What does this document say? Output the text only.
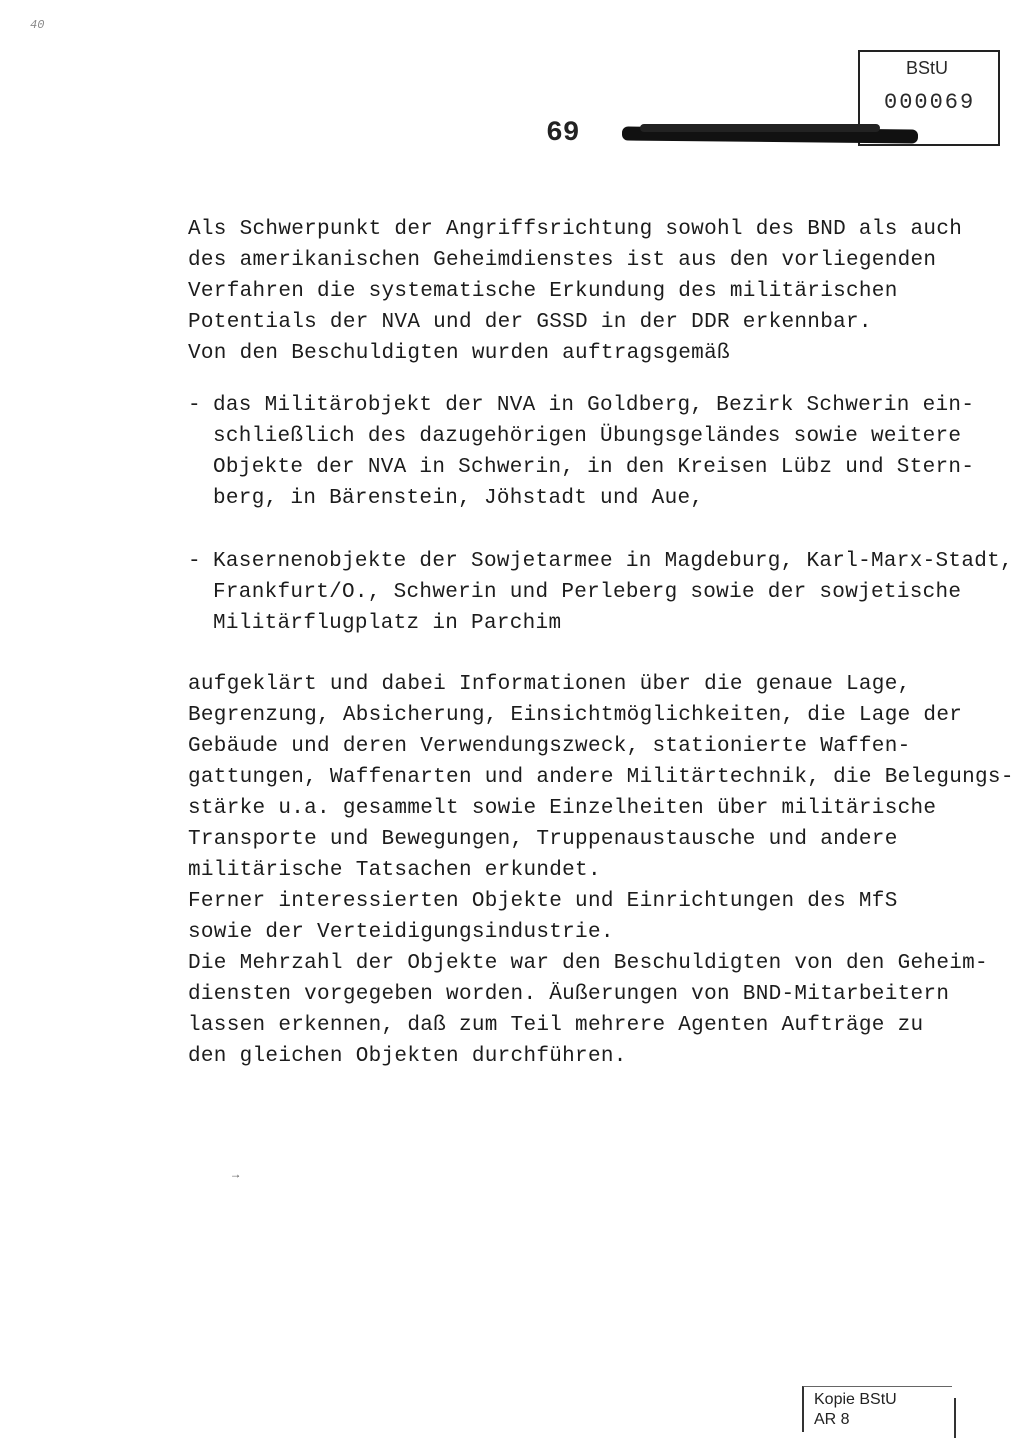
40
BStU
000069
69
Als Schwerpunkt der Angriffsrichtung sowohl des BND als auch
des amerikanischen Geheimdienstes ist aus den vorliegenden
Verfahren die systematische Erkundung des militärischen
Potentials der NVA und der GSSD in der DDR erkennbar.
Von den Beschuldigten wurden auftragsgemäß
- das Militärobjekt der NVA in Goldberg, Bezirk Schwerin ein-
schließlich des dazugehörigen Übungsgeländes sowie weitere
Objekte der NVA in Schwerin, in den Kreisen Lübz und Stern-
berg, in Bärenstein, Jöhstadt und Aue,
- Kasernenobjekte der Sowjetarmee in Magdeburg, Karl-Marx-Stadt,
Frankfurt/O., Schwerin und Perleberg sowie der sowjetische
Militärflugplatz in Parchim
aufgeklärt und dabei Informationen über die genaue Lage,
Begrenzung, Absicherung, Einsichtmöglichkeiten, die Lage der
Gebäude und deren Verwendungszweck, stationierte Waffen-
gattungen, Waffenarten und andere Militärtechnik, die Belegungs-
stärke u.a. gesammelt sowie Einzelheiten über militärische
Transporte und Bewegungen, Truppenaustausche und andere
militärische Tatsachen erkundet.
Ferner interessierten Objekte und Einrichtungen des MfS
sowie der Verteidigungsindustrie.
Die Mehrzahl der Objekte war den Beschuldigten von den Geheim-
diensten vorgegeben worden. Äußerungen von BND-Mitarbeitern
lassen erkennen, daß zum Teil mehrere Agenten Aufträge zu
den gleichen Objekten durchführen.
→
Kopie BStU
AR 8
